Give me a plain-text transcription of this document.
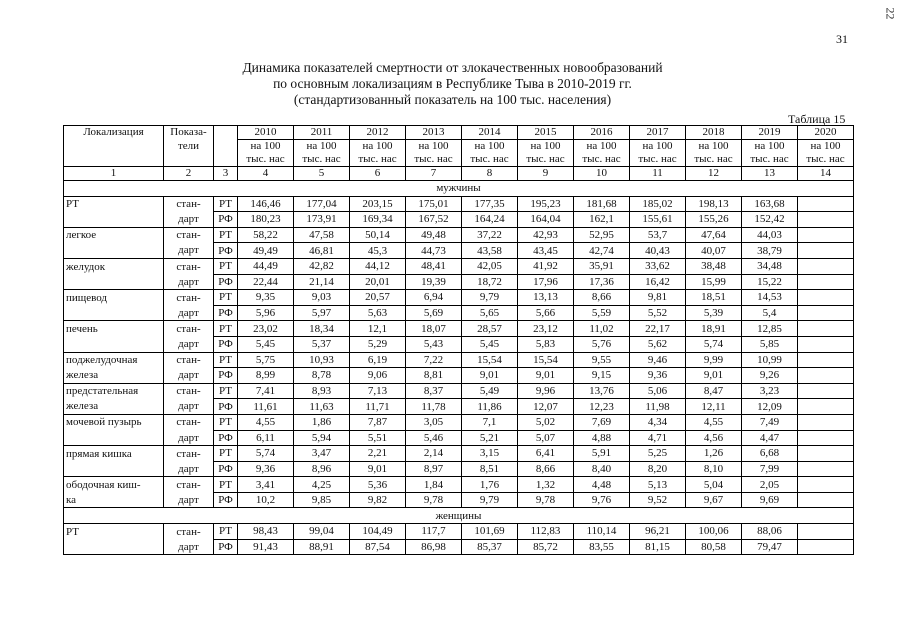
22
31
Динамика показателей смертности от злокачественных новообразований
по основным локализациям в Республике Тыва в 2010-2019 гг.
(стандартизованный показатель на 100 тыс. населения)
Таблица 15
Локализация	Показа-		2010	2011	2012	2013	2014	2015	2016	2017	2018	2019	2020
	тели		на 100	на 100	на 100	на 100	на 100	на 100	на 100	на 100	на 100	на 100	на 100
			тыс. нас	тыс. нас	тыс. нас	тыс. нас	тыс. нас	тыс. нас	тыс. нас	тыс. нас	тыс. нас	тыс. нас	тыс. нас
1	2	3	4	5	6	7	8	9	10	11	12	13	14
мужчины													
РТ	стан-	РТ	146,46	177,04	203,15	175,01	177,35	195,23	181,68	185,02	198,13	163,68	
	дарт	РФ	180,23	173,91	169,34	167,52	164,24	164,04	162,1	155,61	155,26	152,42	
легкое	стан-	РТ	58,22	47,58	50,14	49,48	37,22	42,93	52,95	53,7	47,64	44,03	
	дарт	РФ	49,49	46,81	45,3	44,73	43,58	43,45	42,74	40,43	40,07	38,79	
желудок	стан-	РТ	44,49	42,82	44,12	48,41	42,05	41,92	35,91	33,62	38,48	34,48	
	дарт	РФ	22,44	21,14	20,01	19,39	18,72	17,96	17,36	16,42	15,99	15,22	
пищевод	стан-	РТ	9,35	9,03	20,57	6,94	9,79	13,13	8,66	9,81	18,51	14,53	
	дарт	РФ	5,96	5,97	5,63	5,69	5,65	5,66	5,59	5,52	5,39	5,4	
печень	стан-	РТ	23,02	18,34	12,1	18,07	28,57	23,12	11,02	22,17	18,91	12,85	
	дарт	РФ	5,45	5,37	5,29	5,43	5,45	5,83	5,76	5,62	5,74	5,85	
поджелудочная	стан-	РТ	5,75	10,93	6,19	7,22	15,54	15,54	9,55	9,46	9,99	10,99	
железа	дарт	РФ	8,99	8,78	9,06	8,81	9,01	9,01	9,15	9,36	9,01	9,26	
предстательная	стан-	РТ	7,41	8,93	7,13	8,37	5,49	9,96	13,76	5,06	8,47	3,23	
железа	дарт	РФ	11,61	11,63	11,71	11,78	11,86	12,07	12,23	11,98	12,11	12,09	
мочевой пузырь	стан-	РТ	4,55	1,86	7,87	3,05	7,1	5,02	7,69	4,34	4,55	7,49	
	дарт	РФ	6,11	5,94	5,51	5,46	5,21	5,07	4,88	4,71	4,56	4,47	
прямая кишка	стан-	РТ	5,74	3,47	2,21	2,14	3,15	6,41	5,91	5,25	1,26	6,68	
	дарт	РФ	9,36	8,96	9,01	8,97	8,51	8,66	8,40	8,20	8,10	7,99	
ободочная киш-	стан-	РТ	3,41	4,25	5,36	1,84	1,76	1,32	4,48	5,13	5,04	2,05	
ка	дарт	РФ	10,2	9,85	9,82	9,78	9,79	9,78	9,76	9,52	9,67	9,69	
женщины													
РТ	стан-	РТ	98,43	99,04	104,49	117,7	101,69	112,83	110,14	96,21	100,06	88,06	
	дарт	РФ	91,43	88,91	87,54	86,98	85,37	85,72	83,55	81,15	80,58	79,47	
